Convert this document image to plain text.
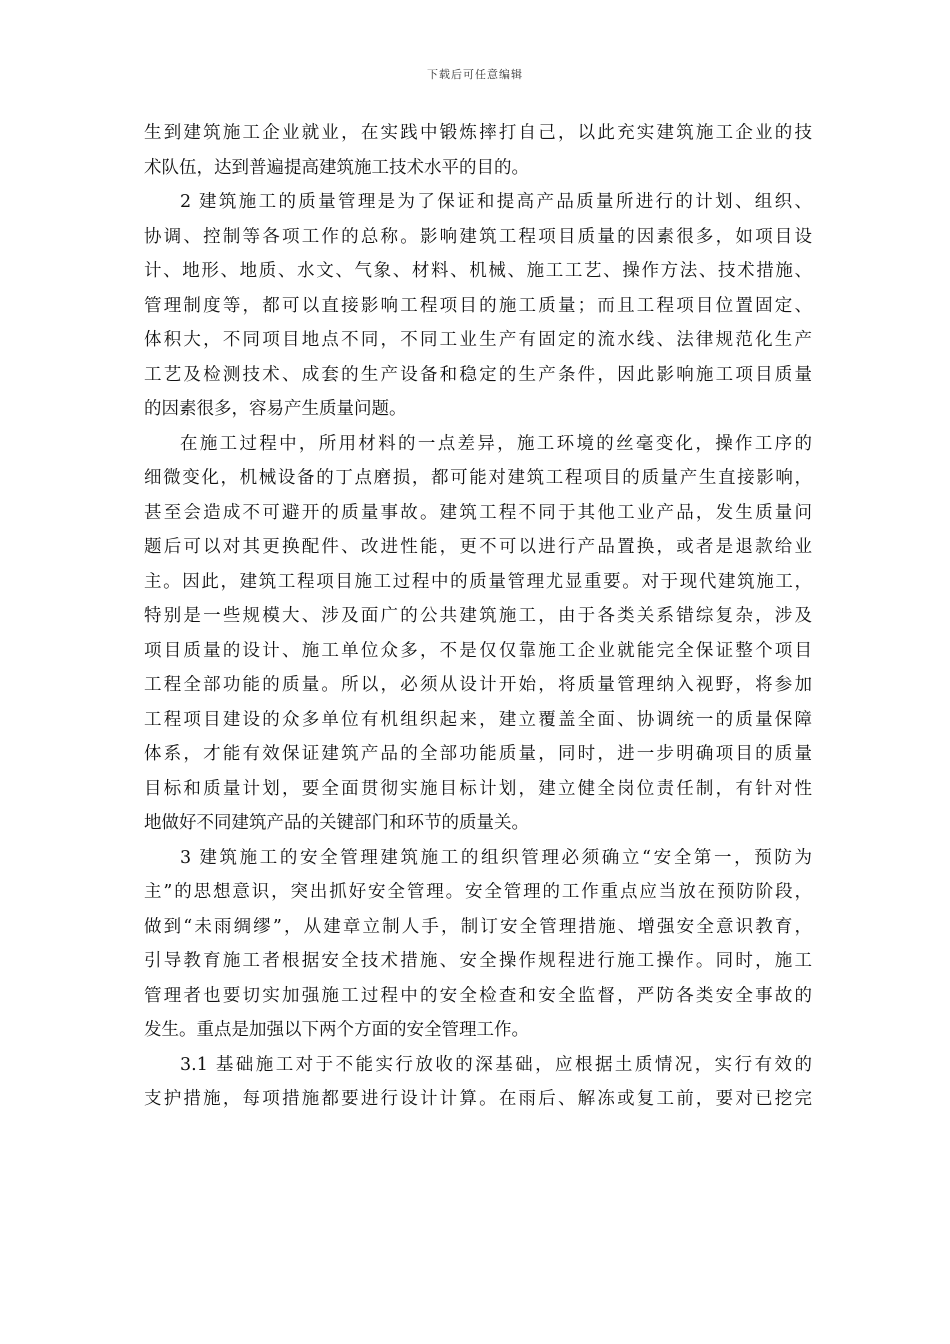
下载后可任意编辑
生到建筑施工企业就业，在实践中锻炼摔打自己，以此充实建筑施工企业的技
术队伍，达到普遍提高建筑施工技术水平的目的。
2 建筑施工的质量管理是为了保证和提高产品质量所进行的计划、组织、
协调、控制等各项工作的总称。影响建筑工程项目质量的因素很多，如项目设
计、地形、地质、水文、气象、材料、机械、施工工艺、操作方法、技术措施、
管理制度等，都可以直接影响工程项目的施工质量；而且工程项目位置固定、
体积大，不同项目地点不同，不同工业生产有固定的流水线、法律规范化生产
工艺及检测技术、成套的生产设备和稳定的生产条件，因此影响施工项目质量
的因素很多，容易产生质量问题。
在施工过程中，所用材料的一点差异，施工环境的丝毫变化，操作工序的
细微变化，机械设备的丁点磨损，都可能对建筑工程项目的质量产生直接影响，
甚至会造成不可避开的质量事故。建筑工程不同于其他工业产品，发生质量问
题后可以对其更换配件、改进性能，更不可以进行产品置换，或者是退款给业
主。因此，建筑工程项目施工过程中的质量管理尤显重要。对于现代建筑施工，
特别是一些规模大、涉及面广的公共建筑施工，由于各类关系错综复杂，涉及
项目质量的设计、施工单位众多，不是仅仅靠施工企业就能完全保证整个项目
工程全部功能的质量。所以，必须从设计开始，将质量管理纳入视野，将参加
工程项目建设的众多单位有机组织起来，建立覆盖全面、协调统一的质量保障
体系，才能有效保证建筑产品的全部功能质量，同时，进一步明确项目的质量
目标和质量计划，要全面贯彻实施目标计划，建立健全岗位责任制，有针对性
地做好不同建筑产品的关键部门和环节的质量关。
3 建筑施工的安全管理建筑施工的组织管理必须确立“安全第一，预防为
主”的思想意识，突出抓好安全管理。安全管理的工作重点应当放在预防阶段，
做到“未雨绸缪”，从建章立制人手，制订安全管理措施、增强安全意识教育，
引导教育施工者根据安全技术措施、安全操作规程进行施工操作。同时，施工
管理者也要切实加强施工过程中的安全检查和安全监督，严防各类安全事故的
发生。重点是加强以下两个方面的安全管理工作。
3.1 基础施工对于不能实行放收的深基础，应根据土质情况，实行有效的
支护措施，每项措施都要进行设计计算。在雨后、解冻或复工前，要对已挖完
